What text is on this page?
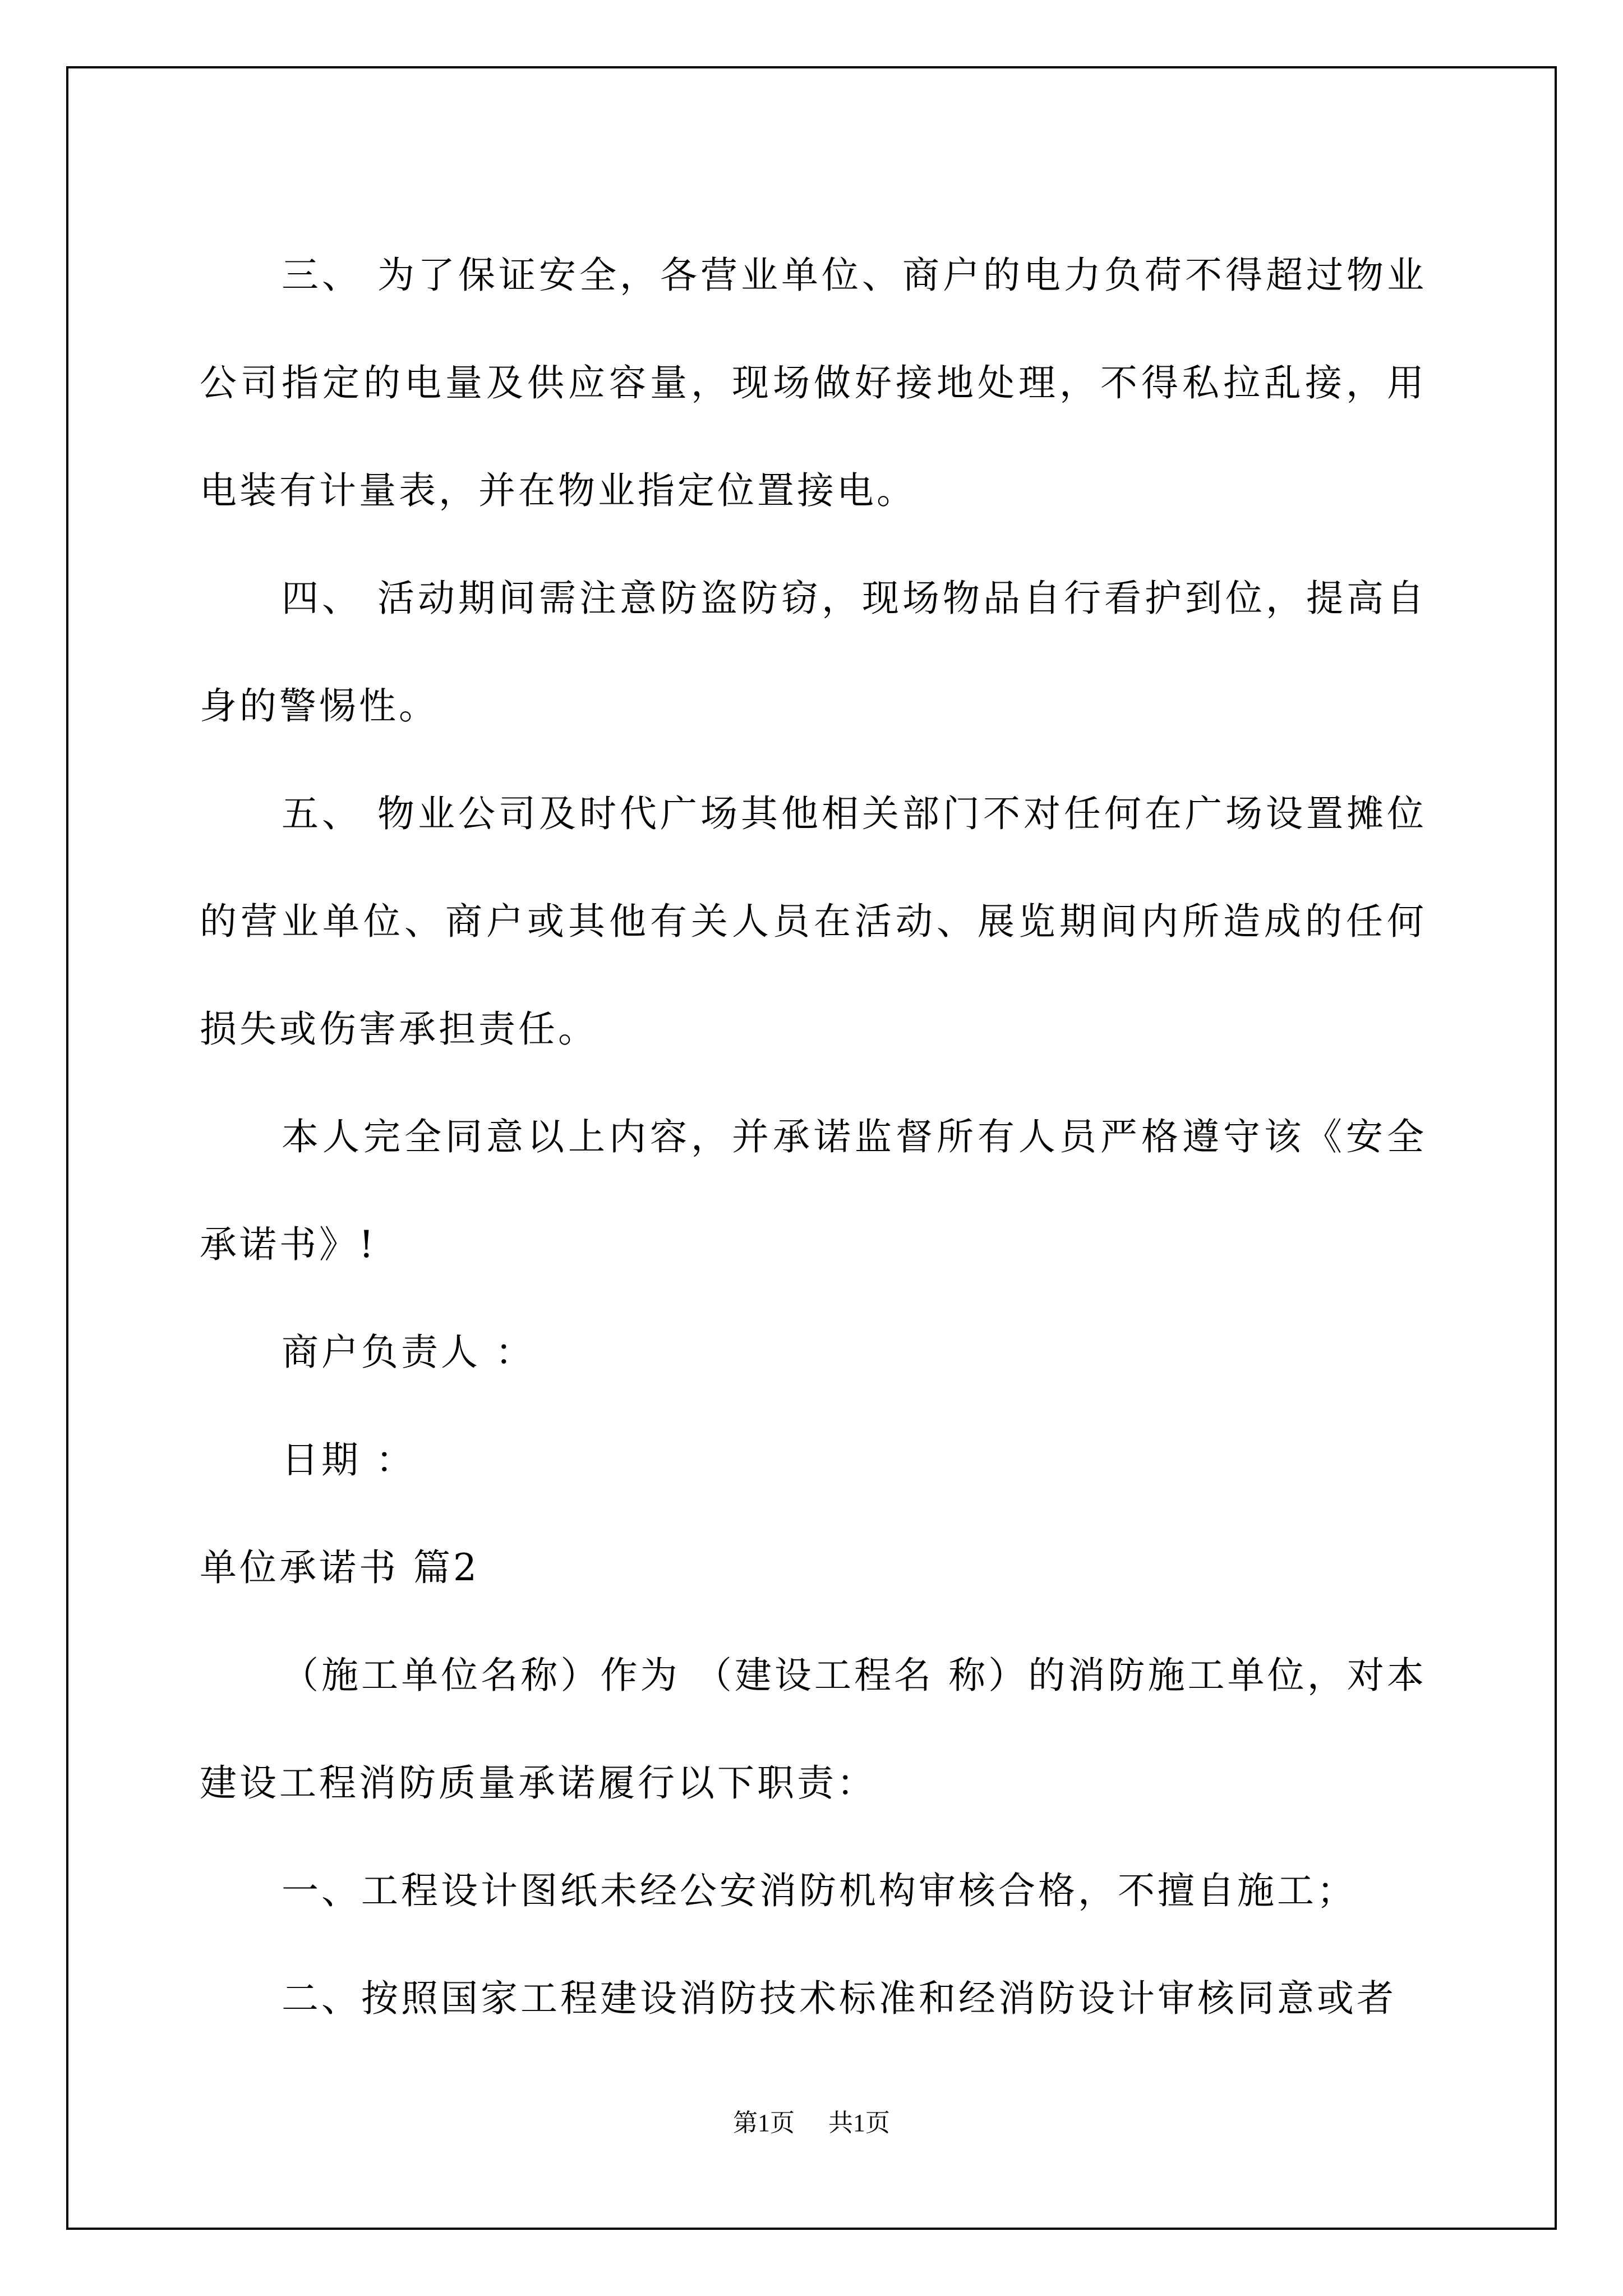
三、 为了保证安全，各营业单位、商户的电力负荷不得超过物业公司指定的电量及供应容量，现场做好接地处理，不得私拉乱接，用电装有计量表，并在物业指定位置接电。

四、 活动期间需注意防盗防窃，现场物品自行看护到位，提高自身的警惕性。

五、 物业公司及时代广场其他相关部门不对任何在广场设置摊位的营业单位、商户或其他有关人员在活动、展览期间内所造成的任何损失或伤害承担责任。

本人完全同意以上内容，并承诺监督所有人员严格遵守该《安全承诺书》!

商户负责人 ：

日期 ：

单位承诺书 篇2

（施工单位名称）作为 （建设工程名 称）的消防施工单位，对本建设工程消防质量承诺履行以下职责：

一、工程设计图纸未经公安消防机构审核合格，不擅自施工；

二、按照国家工程建设消防技术标准和经消防设计审核同意或者

第1页 共1页
